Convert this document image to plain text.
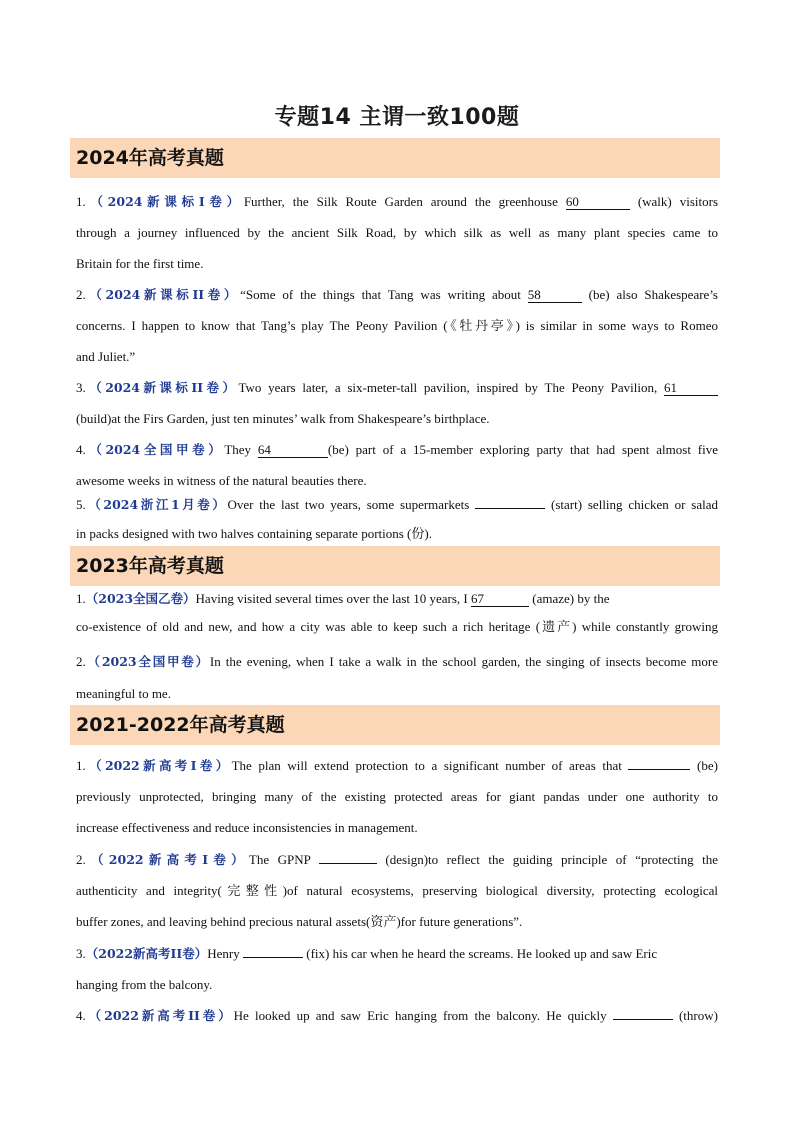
专题14 主谓一致100题
2024年高考真题
1.（2024新课标I卷）Further, the Silk Route Garden around the greenhouse 60	(walk) visitors
through a journey influenced by the ancient Silk Road, by which silk as well as many plant species came to
Britain for the first time.
2.（2024新课标II卷）“Some of the things that Tang was writing about 58	(be) also Shakespeare’s
concerns. I happen to know that Tang’s play The Peony Pavilion (《牡丹亭》) is similar in some ways to Romeo
and Juliet.”
3.（2024新课标II卷）Two years later, a six-meter-tall pavilion, inspired by The Peony Pavilion, 61
(build)at the Firs Garden, just ten minutes’ walk from Shakespeare’s birthplace.
4.（2024全国甲卷）They 64	(be) part of a 15-member exploring party that had spent almost five
awesome weeks in witness of the natural beauties there.
5.（2024浙江1月卷）Over the last two years, some supermarkets	(start) selling chicken or salad
in packs designed with two halves containing separate portions (份).
2023年高考真题
1.（2023全国乙卷）Having visited several times over the last 10 years, I 67	(amaze) by the
co-existence of old and new, and how a city was able to keep such a rich heritage (遗产) while constantly growing
2.（2023全国甲卷）In the evening, when I take a walk in the school garden, the singing of insects become more
meaningful to me.
2021-2022年高考真题
1.（2022新高考I卷）The plan will extend protection to a significant number of areas that	(be)
previously unprotected, bringing many of the existing protected areas for giant pandas under one authority to
increase effectiveness and reduce inconsistencies in management.
2.（2022新高考I卷）The GPNP	(design)to reflect the guiding principle of “protecting the
authenticity and integrity(完整性)of natural ecosystems, preserving biological diversity, protecting ecological
buffer zones, and leaving behind precious natural assets(资产)for future generations”.
3.（2022新高考II卷）Henry	(fix) his car when he heard the screams. He looked up and saw Eric
hanging from the balcony.
4.（2022新高考II卷）He looked up and saw Eric hanging from the balcony. He quickly	(throw)
